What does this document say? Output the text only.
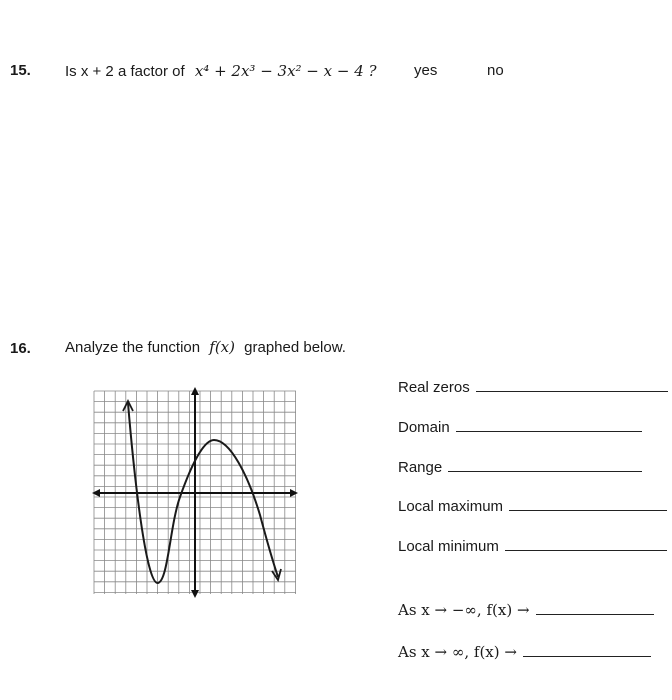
15. Is x + 2 a factor of x⁴ + 2x³ − 3x² − x − 4 ? yes	no
16. Analyze the function f(x) graphed below.
Real zeros
Domain
Range
Local maximum
Local minimum
As x → −∞, f(x) →
As x → ∞, f(x) →
